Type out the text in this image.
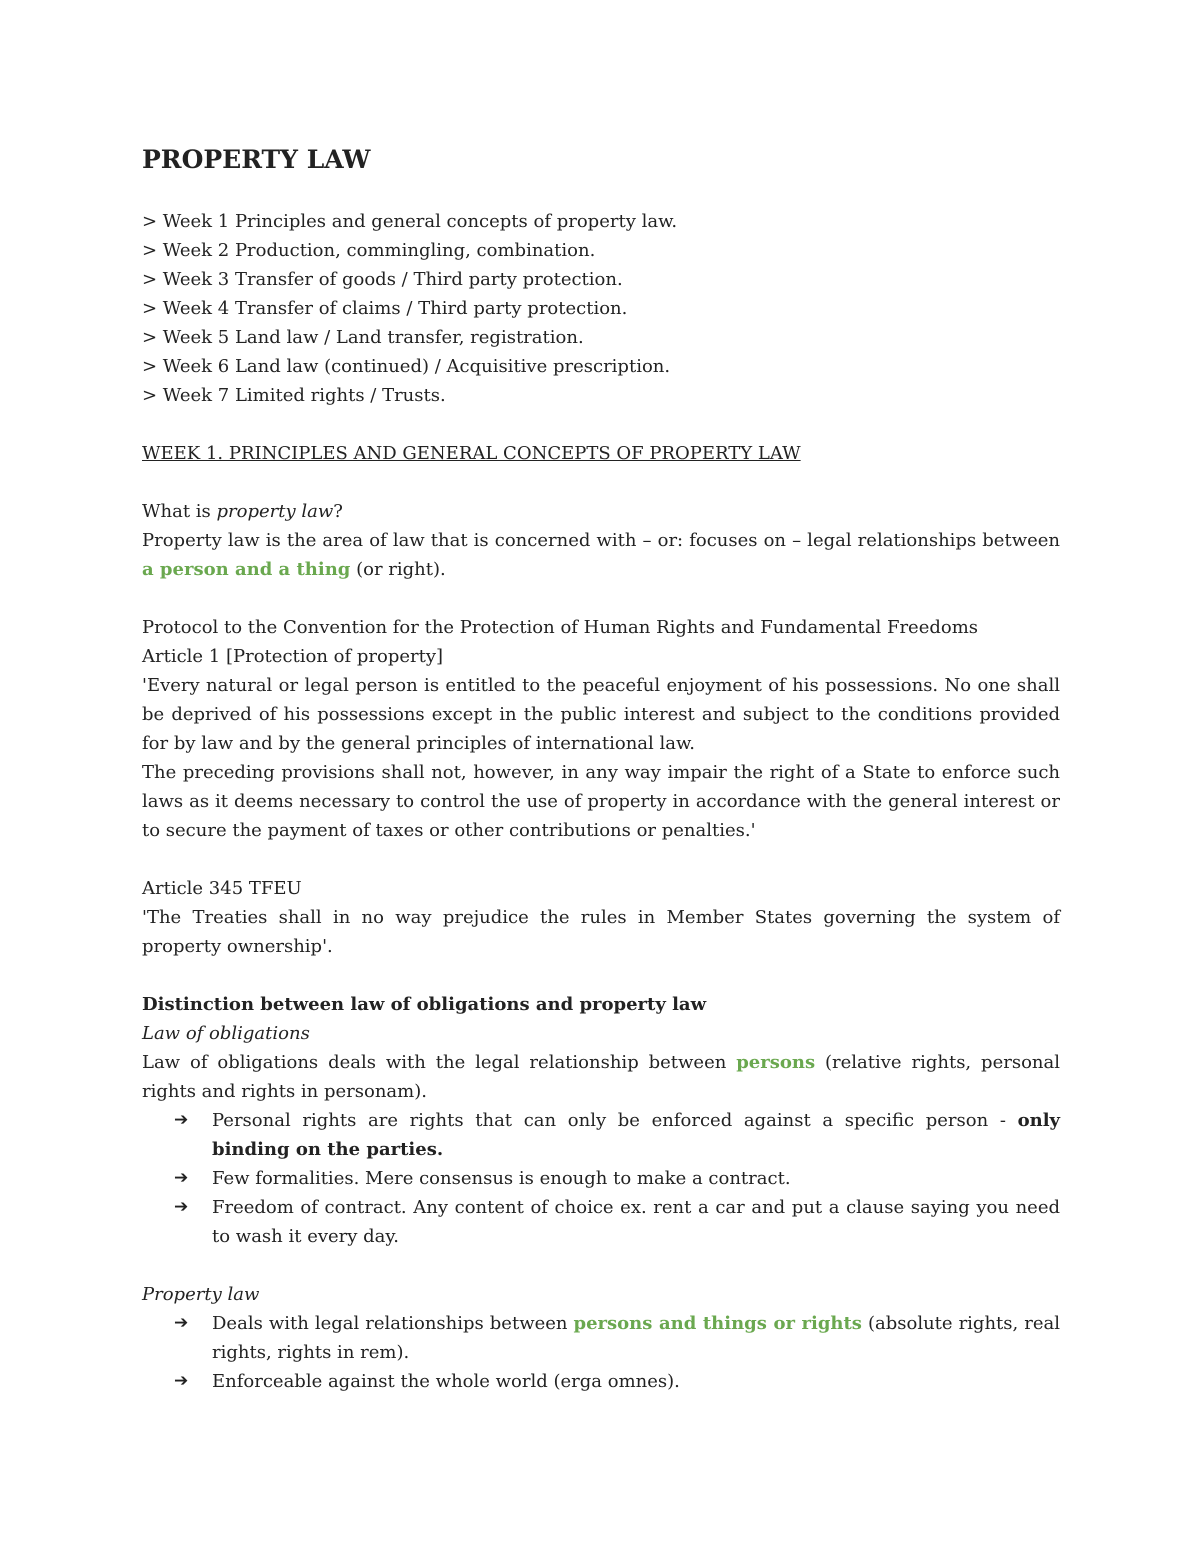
PROPERTY LAW
> Week 1 Principles and general concepts of property law.
> Week 2 Production, commingling, combination.
> Week 3 Transfer of goods / Third party protection.
> Week 4 Transfer of claims / Third party protection.
> Week 5 Land law / Land transfer, registration.
> Week 6 Land law (continued) / Acquisitive prescription.
> Week 7 Limited rights / Trusts.
WEEK 1. PRINCIPLES AND GENERAL CONCEPTS OF PROPERTY LAW
What is property law?
Property law is the area of law that is concerned with – or: focuses on – legal relationships between a person and a thing (or right).
Protocol to the Convention for the Protection of Human Rights and Fundamental Freedoms
Article 1 [Protection of property]
'Every natural or legal person is entitled to the peaceful enjoyment of his possessions. No one shall be deprived of his possessions except in the public interest and subject to the conditions provided for by law and by the general principles of international law.
The preceding provisions shall not, however, in any way impair the right of a State to enforce such laws as it deems necessary to control the use of property in accordance with the general interest or to secure the payment of taxes or other contributions or penalties.'
Article 345 TFEU
'The Treaties shall in no way prejudice the rules in Member States governing the system of property ownership'.
Distinction between law of obligations and property law
Law of obligations
Law of obligations deals with the legal relationship between persons (relative rights, personal rights and rights in personam).
➔ Personal rights are rights that can only be enforced against a specific person - only binding on the parties.
➔ Few formalities. Mere consensus is enough to make a contract.
➔ Freedom of contract. Any content of choice ex. rent a car and put a clause saying you need to wash it every day.
Property law
➔ Deals with legal relationships between persons and things or rights (absolute rights, real rights, rights in rem).
➔ Enforceable against the whole world (erga omnes).
